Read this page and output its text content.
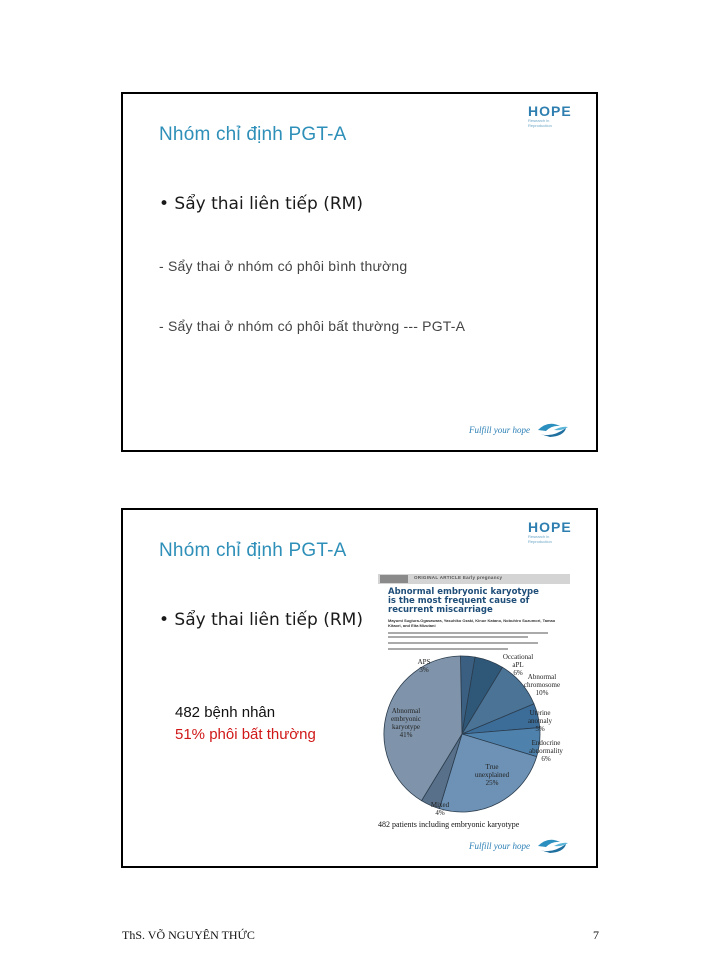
HOPE
Research in Reproduction
Nhóm chỉ định PGT-A
• Sẩy thai liên tiếp (RM)
- Sẩy thai ở nhóm có phôi bình thường
- Sẩy thai ở nhóm có phôi bất thường --- PGT-A
Fulfill your hope
HOPE
Research in Reproduction
Nhóm chỉ định PGT-A
• Sẩy thai liên tiếp (RM)
482 bệnh nhân
51% phôi bất thường
ORIGINAL ARTICLE Early pregnancy
Abnormal embryonic karyotype is the most frequent cause of recurrent miscarriage
Mayumi Sugiura-Ogasawara, Yasuhiko Ozaki, Kinue Katano, Nobuhiro Suzumori, Tamao Kitaori, and Eita Mizutani
APS 3%
Occational aPL 6% Abnormal chromosome 10%
Uterine anomaly 5%
Endocrine abnormality 6%
True unexplained 25%
Mixed 4%
Abnormal embryonic karyotype 41%
482 patients including embryonic karyotype
Fulfill your hope
ThS. VÕ NGUYÊN THỨC	7
